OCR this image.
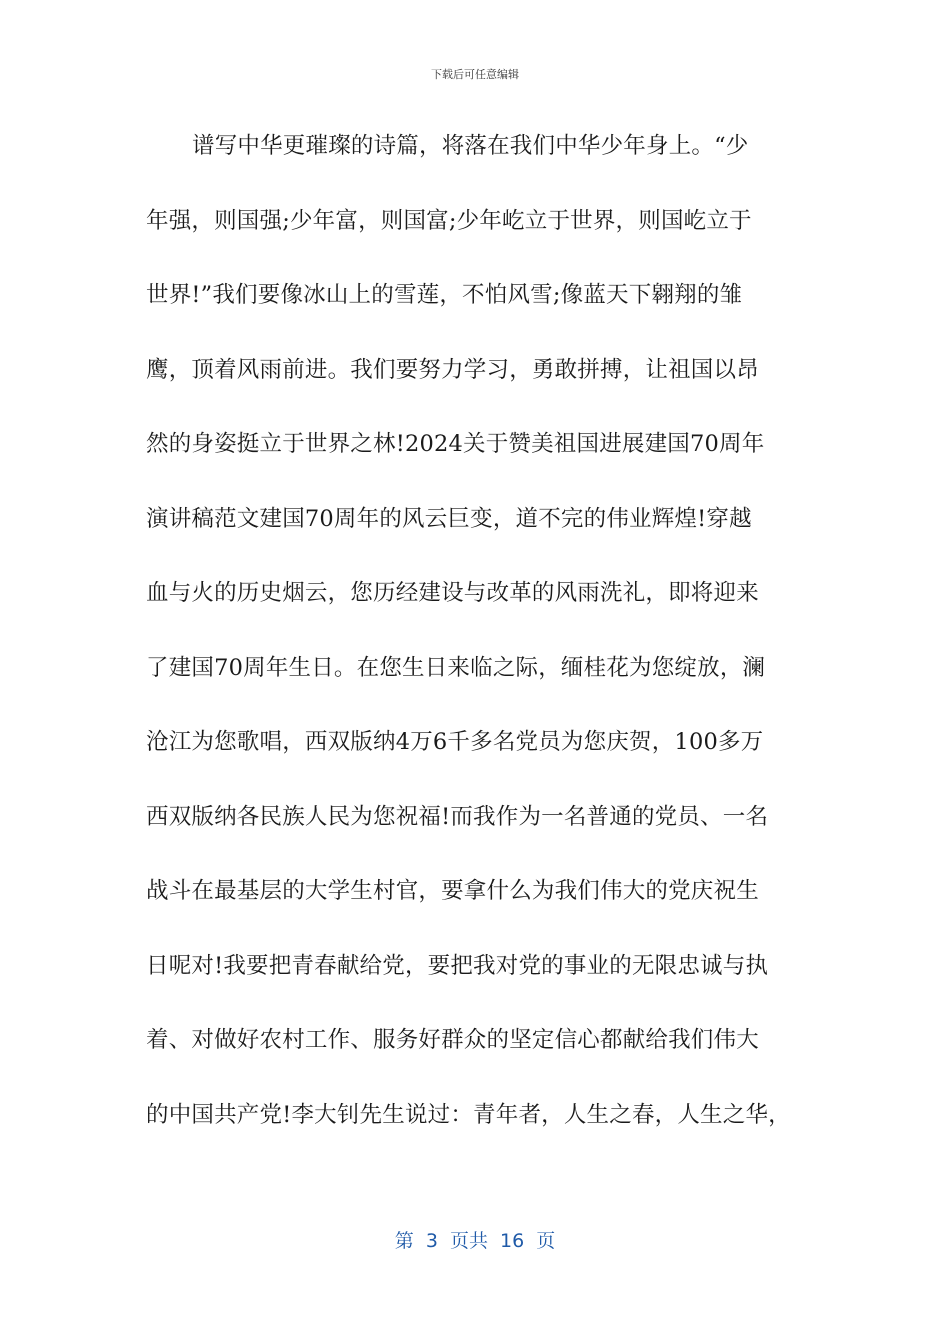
下载后可任意编辑
谱写中华更璀璨的诗篇，将落在我们中华少年身上。“少
年强，则国强;少年富，则国富;少年屹立于世界，则国屹立于
世界!”我们要像冰山上的雪莲，不怕风雪;像蓝天下翱翔的雏
鹰，顶着风雨前进。我们要努力学习，勇敢拼搏，让祖国以昂
然的身姿挺立于世界之林!2024关于赞美祖国进展建国70周年
演讲稿范文建国70周年的风云巨变，道不完的伟业辉煌!穿越
血与火的历史烟云，您历经建设与改革的风雨洗礼，即将迎来
了建国70周年生日。在您生日来临之际，缅桂花为您绽放，澜
沧江为您歌唱，西双版纳4万6千多名党员为您庆贺，100多万
西双版纳各民族人民为您祝福!而我作为一名普通的党员、一名
战斗在最基层的大学生村官，要拿什么为我们伟大的党庆祝生
日呢对!我要把青春献给党，要把我对党的事业的无限忠诚与执
着、对做好农村工作、服务好群众的坚定信心都献给我们伟大
的中国共产党!李大钊先生说过：青年者，人生之春，人生之华，
第 3 页共 16 页
